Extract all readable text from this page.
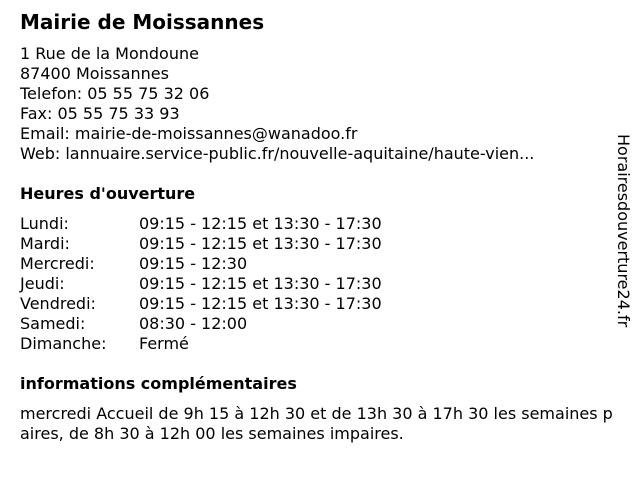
Mairie de Moissannes
1 Rue de la Mondoune
87400 Moissannes
Telefon: 05 55 75 32 06
Fax: 05 55 75 33 93
Email: mairie-de-moissannes@wanadoo.fr
Web: lannuaire.service-public.fr/nouvelle-aquitaine/haute-vien...
Heures d'ouverture
Lundi:	09:15 - 12:15 et 13:30 - 17:30
Mardi:	09:15 - 12:15 et 13:30 - 17:30
Mercredi:	09:15 - 12:30
Jeudi:	09:15 - 12:15 et 13:30 - 17:30
Vendredi:	09:15 - 12:15 et 13:30 - 17:30
Samedi:	08:30 - 12:00
Dimanche:	Fermé
informations complémentaires
mercredi Accueil de 9h 15 à 12h 30 et de 13h 30 à 17h 30 les semaines paires, de 8h 30 à 12h 00 les semaines impaires.
Horairesdouverture24.fr
